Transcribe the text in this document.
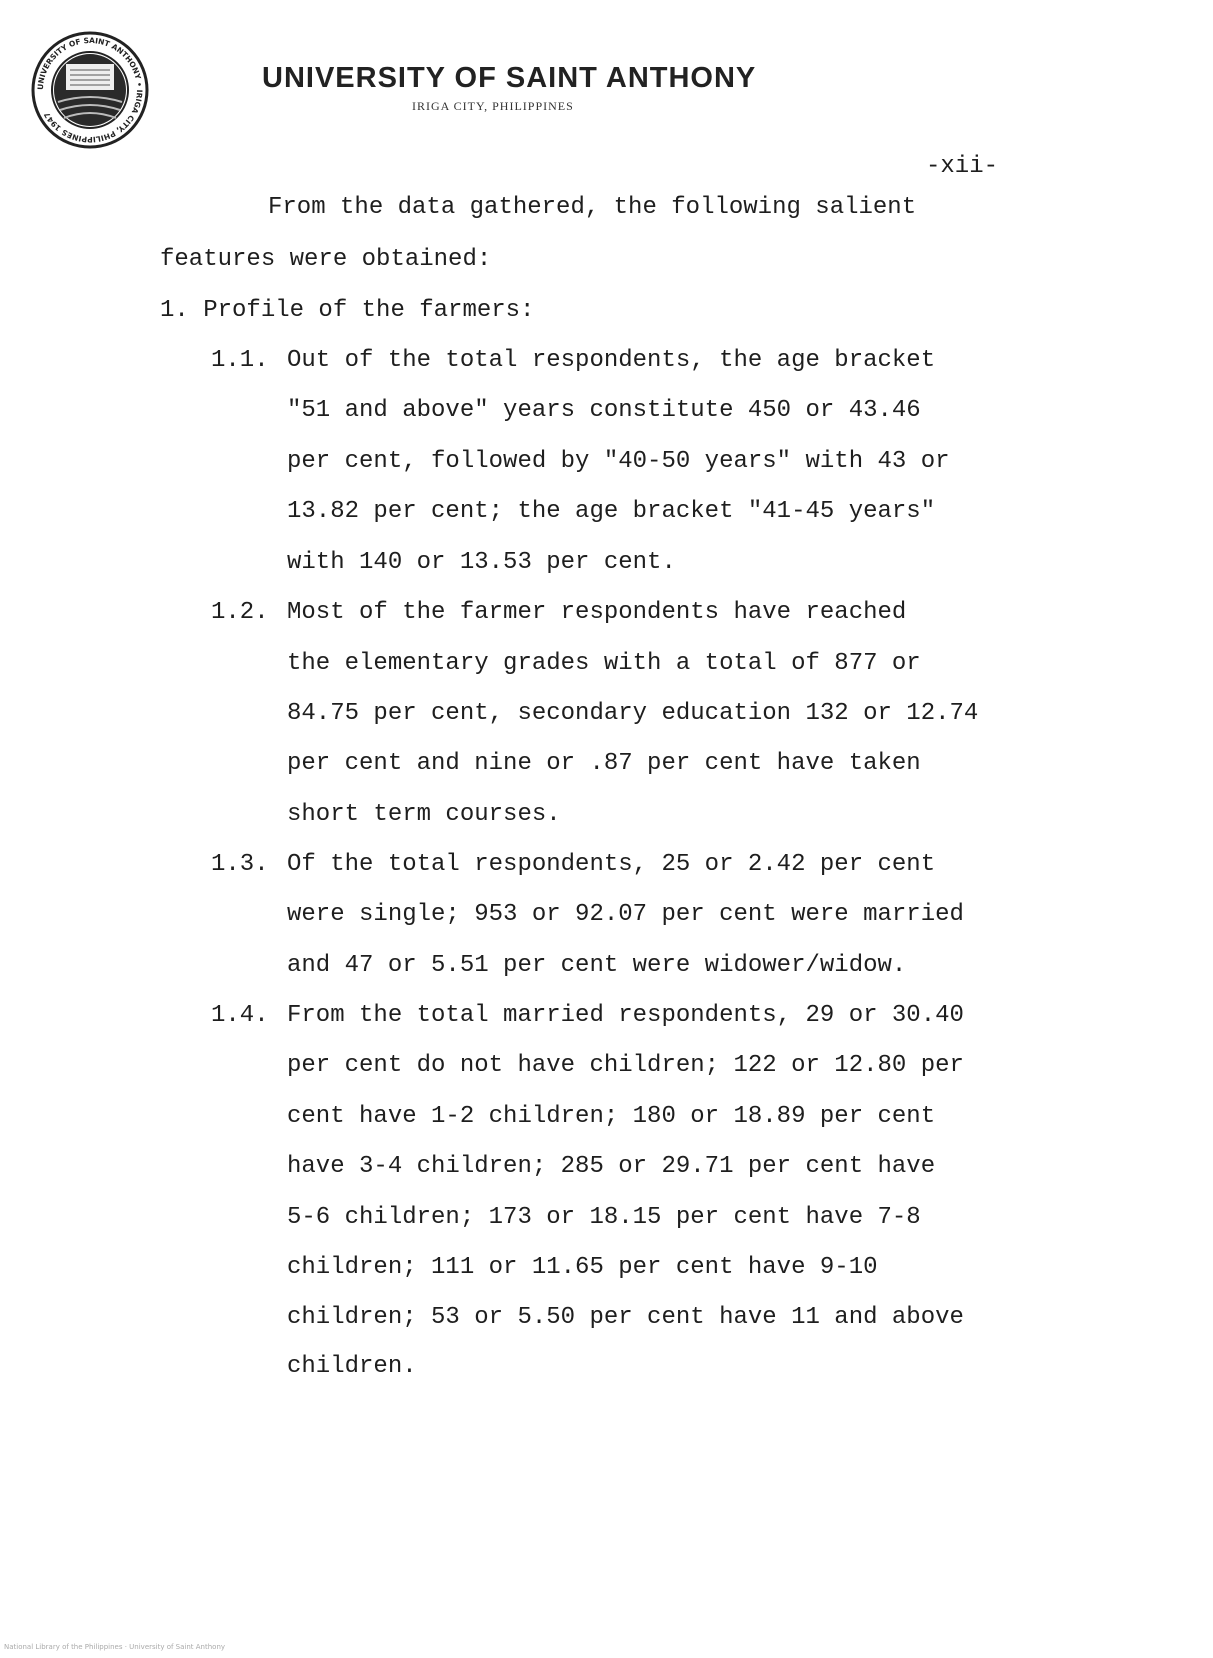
UNIVERSITY OF SAINT ANTHONY • IRIGA CITY, PHILIPPINES 1947
UNIVERSITY OF SAINT ANTHONY
IRIGA CITY, PHILIPPINES
-xii-
From the data gathered, the following salient
features were obtained:
1. Profile of the farmers:
1.1. Out of the total respondents, the age bracket
"51 and above" years constitute 450 or 43.46
per cent, followed by "40-50 years" with 43 or
13.82 per cent; the age bracket "41-45 years"
with 140 or 13.53 per cent.
1.2. Most of the farmer respondents have reached
the elementary grades with a total of 877 or
84.75 per cent, secondary education 132 or 12.74
per cent and nine or .87 per cent have taken
short term courses.
1.3. Of the total respondents, 25 or 2.42 per cent
were single; 953 or 92.07 per cent were married
and 47 or 5.51 per cent were widower/widow.
1.4. From the total married respondents, 29 or 30.40
per cent do not have children; 122 or 12.80 per
cent have 1-2 children; 180 or 18.89 per cent
have 3-4 children; 285 or 29.71 per cent have
5-6 children; 173 or 18.15 per cent have 7-8
children; 111 or 11.65 per cent have 9-10
children; 53 or 5.50 per cent have 11 and above
children.
National Library of the Philippines · University of Saint Anthony
